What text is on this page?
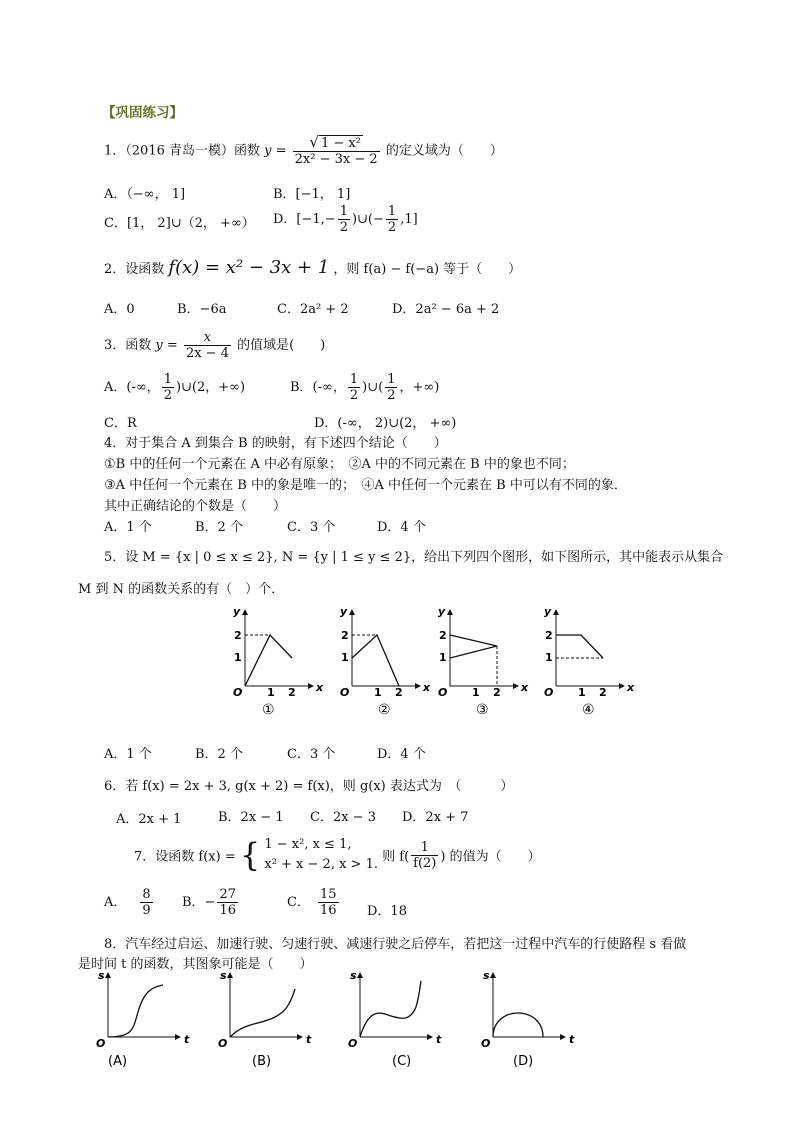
【巩固练习】
1．（2016 青岛一模）函数 $y = \frac{\text{√ 1 − x²}}{\text{2x² − 3x − 2}}$ 的定义域为（　　）
A．（−∞， 1]	B．[−1， 1]
C．[1， 2]∪（2， +∞） D．[$-1,- \frac{1}{2}$ )∪(− $\frac{1}{2} ,1$]
2．设函数 f(x) = x² − 3x + 1 ，则 f(a) − f(−a) 等于（　　）
A．0	B．−6a	C．2a² + 2	D．2a² − 6a + 2
3．函数 $y = \frac{x}{2x - 4}$ 的值域是(　　)
A．(-∞， $\frac{1}{2}$ )∪(2，+∞)	B．(-∞， $\frac{1}{2}$ )∪( $\frac{1}{2}$ ，+∞)
C．R	D．(-∞， 2)∪(2， +∞)
4．对于集合 A 到集合 B 的映射，有下述四个结论（　　）
①B 中的任何一个元素在 A 中必有原象；　②A 中的不同元素在 B 中的象也不同；
③A 中任何一个元素在 B 中的象是唯一的；　④A 中任何一个元素在 B 中可以有不同的象．
其中正确结论的个数是（　　）
A．1 个	B．2 个	C．3 个	D．4 个
5．设 M = {x | 0 ≤ x ≤ 2}, N = {y | 1 ≤ y ≤ 2}，给出下列四个图形，如下图所示，其中能表示从集合
M 到 N 的函数关系的有（　）个．
y
x
O
2
1
1 2
①
y
x
O
2
1
1 2
②
y
x
O
2
1
1 2
③
y
x
O
2
1
1 2
④
A．1 个	B．2 个	C．3 个	D．4 个
6．若 f(x) = 2x + 3, g(x + 2) = f(x)，则 g(x) 表达式为　（　　　）
A．2x + 1	B．2x − 1 C．2x − 3 D．2x + 7
7．设函数 f(x) = { 1 − x², x ≤ 1,
x² + x − 2, x > 1. 则 $f( \frac{1}{f(2)}$ ) 的值为（　　）
A． $\frac{8}{9}$ B．− $\frac{27}{16}$	C． $\frac{15}{16}$ D．18
8．汽车经过启运、加速行驶、匀速行驶、减速行驶之后停车，若把这一过程中汽车的行使路程 s 看做
是时间 t 的函数，其图象可能是（　　）
s
t
O
(A)
s
t
O
(B)
s
t
O
(C)
s
t
O
(D)
